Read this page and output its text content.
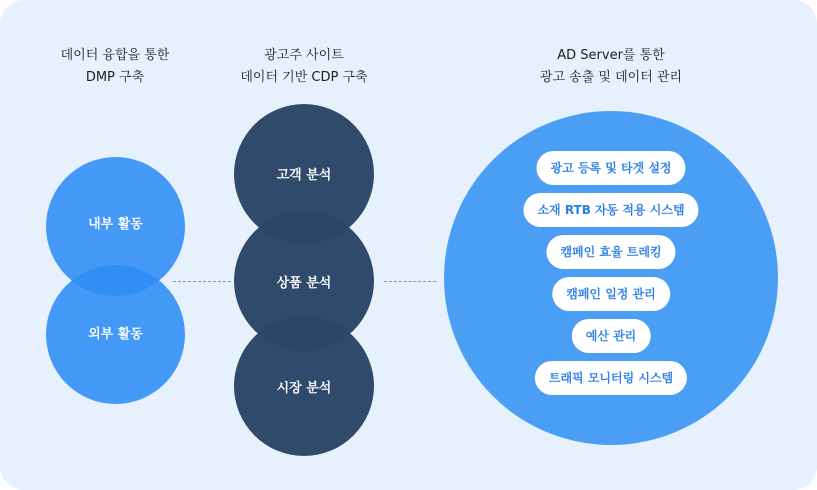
데이터 융합을 통한
DMP 구축
광고주 사이트
데이터 기반 CDP 구축
AD Server를 통한
광고 송출 및 데이터 관리
내부 활동
외부 활동
고객 분석
상품 분석
시장 분석
광고 등록 및 타겟 설정
소재 RTB 자동 적용 시스템
캠페인 효율 트레킹
캠페인 일정 관리
예산 관리
트래픽 모니터링 시스템
